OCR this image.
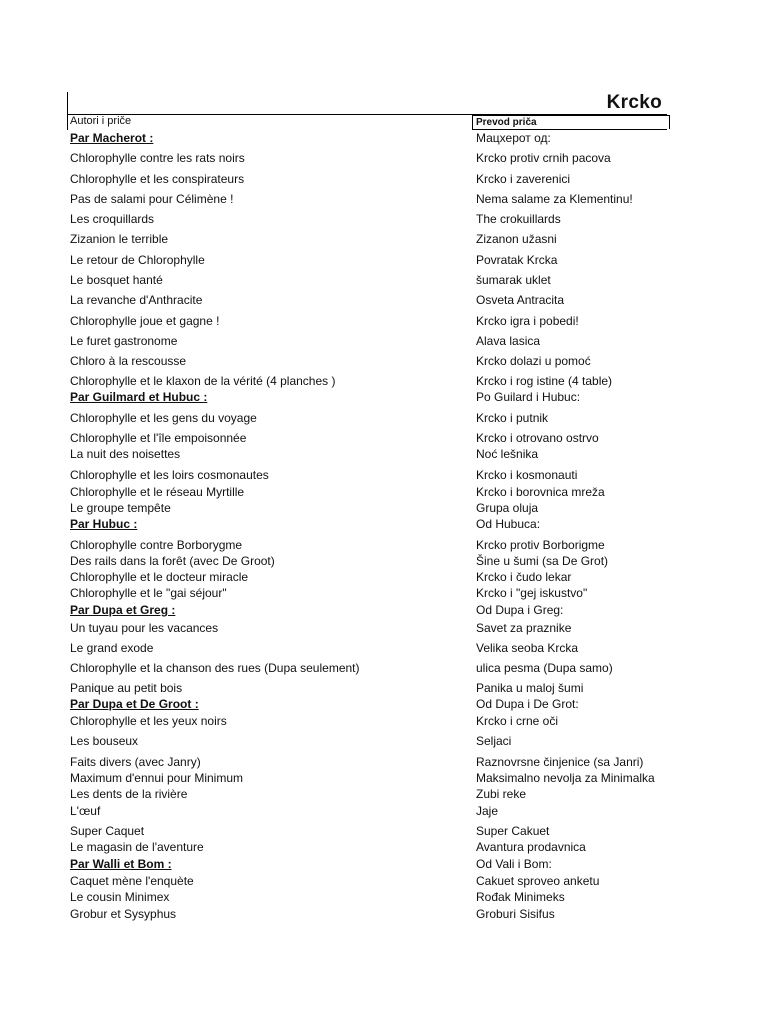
Krcko
Autori i priče	Prevod priča
Par Macherot :	Мацхерот од:
Chlorophylle contre les rats noirs	Krcko protiv crnih pacova
Chlorophylle et les conspirateurs	Krcko i zaverenici
Pas de salami pour Célimène !	Nema salame za Klementinu!
Les croquillards	The crokuillards
Zizanion le terrible	Zizanon užasni
Le retour de Chlorophylle	Povratak Krcka
Le bosquet hanté	šumarak uklet
La revanche d'Anthracite	Osveta Antracita
Chlorophylle joue et gagne !	Krcko igra i pobedi!
Le furet gastronome	Alava lasica
Chloro à la rescousse	Krcko dolazi u pomoć
Chlorophylle et le klaxon de la vérité (4 planches )	Krcko i rog istine (4 table)
Par Guilmard et Hubuc :	Po Guilard i Hubuc:
Chlorophylle et les gens du voyage	Krcko i putnik
Chlorophylle et l'île empoisonnée	Krcko i otrovano ostrvo
La nuit des noisettes	Noć lešnika
Chlorophylle et les loirs cosmonautes	Krcko i kosmonauti
Chlorophylle et le réseau Myrtille	Krcko i borovnica mreža
Le groupe tempête	Grupa oluja
Par Hubuc :	Od Hubuca:
Chlorophylle contre Borborygme	Krcko protiv Borborigme
Des rails dans la forêt (avec De Groot)	Šine u šumi (sa De Grot)
Chlorophylle et le docteur miracle	Krcko i čudo lekar
Chlorophylle et le "gai séjour"	Krcko i "gej iskustvo"
Par Dupa et Greg :	Od Dupa i Greg:
Un tuyau pour les vacances	Savet za praznike
Le grand exode	Velika seoba Krcka
Chlorophylle et la chanson des rues (Dupa seulement)	ulica pesma (Dupa samo)
Panique au petit bois	Panika u maloj šumi
Par Dupa et De Groot :	Od Dupa i De Grot:
Chlorophylle et les yeux noirs	Krcko i crne oči
Les bouseux	Seljaci
Faits divers (avec Janry)	Raznovrsne činjenice (sa Janri)
Maximum d'ennui pour Minimum	Maksimalno nevolja za Minimalka
Les dents de la rivière	Zubi reke
L'œuf	Jaje
Super Caquet	Super Cakuet
Le magasin de l'aventure	Avantura prodavnica
Par Walli et Bom :	Od Vali i Bom:
Caquet mène l'enquète	Cakuet sproveo anketu
Le cousin Minimex	Rođak Minimeks
Grobur et Sysyphus	Groburi Sisifus
